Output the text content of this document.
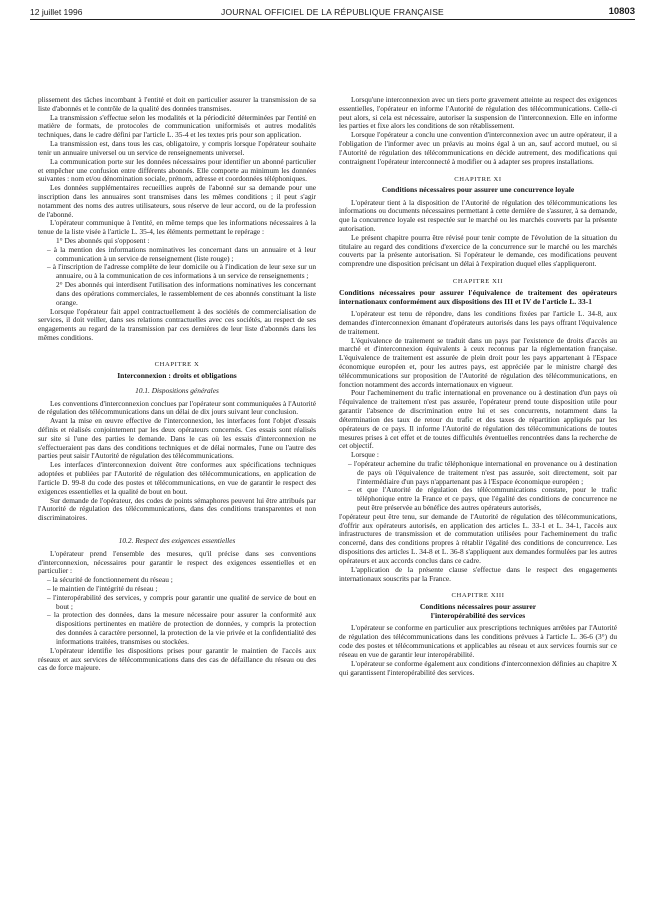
12 juillet 1996	JOURNAL OFFICIEL DE LA RÉPUBLIQUE FRANÇAISE	10803

plissement des tâches incombant à l'entité et doit en particulier assurer la transmission de sa liste d'abonnés et le contrôle de la qualité des données transmises.

La transmission s'effectue selon les modalités et la périodicité déterminées par l'entité en matière de formats, de protocoles de communication uniformisés et autres modalités techniques, dans le cadre défini par l'article L. 35-4 et les textes pris pour son application.

La transmission est, dans tous les cas, obligatoire, y compris lorsque l'opérateur souhaite tenir un annuaire universel ou un service de renseignements universel.

La communication porte sur les données nécessaires pour identifier un abonné particulier et empêcher une confusion entre différents abonnés. Elle comporte au minimum les données suivantes : nom et/ou dénomination sociale, prénom, adresse et coordonnées téléphoniques.

Les données supplémentaires recueillies auprès de l'abonné sur sa demande pour une inscription dans les annuaires sont transmises dans les mêmes conditions ; il peut s'agir notamment des noms des autres utilisateurs, sous réserve de leur accord, ou de la profession de l'abonné.

L'opérateur communique à l'entité, en même temps que les informations nécessaires à la tenue de la liste visée à l'article L. 35-4, les éléments permettant le repérage :

1° Des abonnés qui s'opposent :

– à la mention des informations nominatives les concernant dans un annuaire et à leur communication à un service de renseignement (liste rouge) ;

– à l'inscription de l'adresse complète de leur domicile ou à l'indication de leur sexe sur un annuaire, ou à la communication de ces informations à un service de renseignements ;

2° Des abonnés qui interdisent l'utilisation des informations nominatives les concernant dans des opérations commerciales, le rassemblement de ces abonnés constituant la liste orange.

Lorsque l'opérateur fait appel contractuellement à des sociétés de commercialisation de services, il doit veiller, dans ses relations contractuelles avec ces sociétés, au respect de ses engagements au regard de la transmission par ces dernières de leur liste d'abonnés dans les mêmes conditions.

CHAPITRE X
Interconnexion : droits et obligations
10.1. Dispositions générales

Les conventions d'interconnexion conclues par l'opérateur sont communiquées à l'Autorité de régulation des télécommunications dans un délai de dix jours suivant leur conclusion.

Avant la mise en œuvre effective de l'interconnexion, les interfaces font l'objet d'essais définis et réalisés conjointement par les deux opérateurs concernés. Ces essais sont réalisés sur site si l'une des parties le demande. Dans le cas où les essais d'interconnexion ne s'effectueraient pas dans des conditions techniques et de délai normales, l'une ou l'autre des parties peut saisir l'Autorité de régulation des télécommunications.

Les interfaces d'interconnexion doivent être conformes aux spécifications techniques adoptées et publiées par l'Autorité de régulation des télécommunications, en application de l'article D. 99-8 du code des postes et télécommunications, en vue de garantir le respect des exigences essentielles et la qualité de bout en bout.

Sur demande de l'opérateur, des codes de points sémaphores peuvent lui être attribués par l'Autorité de régulation des télécommunications, dans des conditions transparentes et non discriminatoires.

10.2. Respect des exigences essentielles

L'opérateur prend l'ensemble des mesures, qu'il précise dans ses conventions d'interconnexion, nécessaires pour garantir le respect des exigences essentielles et en particulier :

– la sécurité de fonctionnement du réseau ;

– le maintien de l'intégrité du réseau ;

– l'interopérabilité des services, y compris pour garantir une qualité de service de bout en bout ;

– la protection des données, dans la mesure nécessaire pour assurer la conformité aux dispositions pertinentes en matière de protection de données, y compris la protection des données à caractère personnel, la protection de la vie privée et la confidentialité des informations traitées, transmises ou stockées.

L'opérateur identifie les dispositions prises pour garantir le maintien de l'accès aux réseaux et aux services de télécommunications dans des cas de défaillance du réseau ou des cas de force majeure.

Lorsqu'une interconnexion avec un tiers porte gravement atteinte au respect des exigences essentielles, l'opérateur en informe l'Autorité de régulation des télécommunications. Celle-ci peut alors, si cela est nécessaire, autoriser la suspension de l'interconnexion. Elle en informe les parties et fixe alors les conditions de son rétablissement.

Lorsque l'opérateur a conclu une convention d'interconnexion avec un autre opérateur, il a l'obligation de l'informer avec un préavis au moins égal à un an, sauf accord mutuel, ou si l'Autorité de régulation des télécommunications en décide autrement, des modifications qui contraignent l'opérateur interconnecté à modifier ou à adapter ses propres installations.

CHAPITRE XI
Conditions nécessaires pour assurer une concurrence loyale

L'opérateur tient à la disposition de l'Autorité de régulation des télécommunications les informations ou documents nécessaires permettant à cette dernière de s'assurer, à sa demande, que la concurrence loyale est respectée sur le marché ou les marchés couverts par la présente autorisation.

Le présent chapitre pourra être révisé pour tenir compte de l'évolution de la situation du titulaire au regard des conditions d'exercice de la concurrence sur le marché ou les marchés couverts par la présente autorisation. Si l'opérateur le demande, ces modifications peuvent comprendre une disposition précisant un délai à l'expiration duquel elles s'appliqueront.

CHAPITRE XII
Conditions nécessaires pour assurer l'équivalence de traitement des opérateurs internationaux conformément aux dispositions des III et IV de l'article L. 33-1

L'opérateur est tenu de répondre, dans les conditions fixées par l'article L. 34-8, aux demandes d'interconnexion émanant d'opérateurs autorisés dans les pays offrant l'équivalence de traitement.

L'équivalence de traitement se traduit dans un pays par l'existence de droits d'accès au marché et d'interconnexion équivalents à ceux reconnus par la réglementation française. L'équivalence de traitement est assurée de plein droit pour les pays appartenant à l'Espace économique européen et, pour les autres pays, est appréciée par le ministre chargé des télécommunications sur proposition de l'Autorité de régulation des télécommunications, en fonction notamment des accords internationaux en vigueur.

Pour l'acheminement du trafic international en provenance ou à destination d'un pays où l'équivalence de traitement n'est pas assurée, l'opérateur prend toute disposition utile pour garantir l'absence de discrimination entre lui et ses concurrents, notamment dans la détermination des taux de retour du trafic et des taxes de répartition appliqués par les opérateurs de ce pays. Il informe l'Autorité de régulation des télécommunications de toutes mesures prises à cet effet et de toutes difficultés éventuelles rencontrées dans la recherche de cet objectif.

Lorsque :

– l'opérateur achemine du trafic téléphonique international en provenance ou à destination de pays où l'équivalence de traitement n'est pas assurée, soit directement, soit par l'intermédiaire d'un pays n'appartenant pas à l'Espace économique européen ;

– et que l'Autorité de régulation des télécommunications constate, pour le trafic téléphonique entre la France et ce pays, que l'égalité des conditions de concurrence ne peut être préservée au bénéfice des autres opérateurs autorisés,

l'opérateur peut être tenu, sur demande de l'Autorité de régulation des télécommunications, d'offrir aux opérateurs autorisés, en application des articles L. 33-1 et L. 34-1, l'accès aux infrastructures de transmission et de commutation utilisées pour l'acheminement du trafic concerné, dans des conditions propres à rétablir l'égalité des conditions de concurrence. Les dispositions des articles L. 34-8 et L. 36-8 s'appliquent aux demandes formulées par les autres opérateurs et aux accords conclus dans ce cadre.

L'application de la présente clause s'effectue dans le respect des engagements internationaux souscrits par la France.

CHAPITRE XIII
Conditions nécessaires pour assurer
l'interopérabilité des services

L'opérateur se conforme en particulier aux prescriptions techniques arrêtées par l'Autorité de régulation des télécommunications dans les conditions prévues à l'article L. 36-6 (3°) du code des postes et télécommunications et applicables au réseau et aux services fournis sur ce réseau en vue de garantir leur interopérabilité.

L'opérateur se conforme également aux conditions d'interconnexion définies au chapitre X qui garantissent l'interopérabilité des services.
